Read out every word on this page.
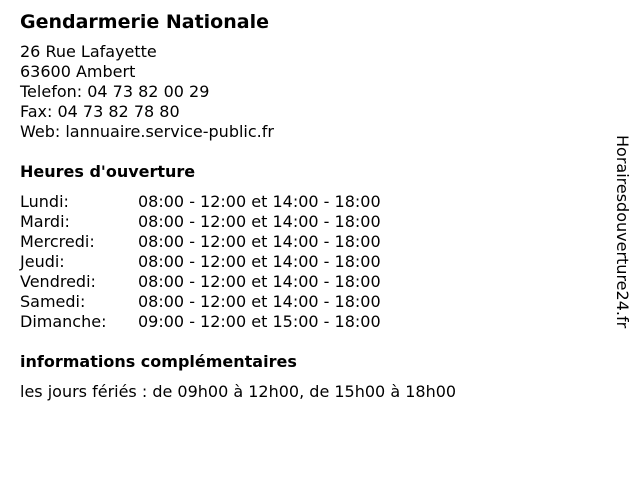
Gendarmerie Nationale
26 Rue Lafayette
63600 Ambert
Telefon: 04 73 82 00 29
Fax: 04 73 82 78 80
Web: lannuaire.service-public.fr
Heures d'ouverture
Lundi:	08:00 - 12:00 et 14:00 - 18:00
Mardi:	08:00 - 12:00 et 14:00 - 18:00
Mercredi:	08:00 - 12:00 et 14:00 - 18:00
Jeudi:	08:00 - 12:00 et 14:00 - 18:00
Vendredi:	08:00 - 12:00 et 14:00 - 18:00
Samedi:	08:00 - 12:00 et 14:00 - 18:00
Dimanche:	09:00 - 12:00 et 15:00 - 18:00
informations complémentaires
les jours fériés : de 09h00 à 12h00, de 15h00 à 18h00
Horairesdouverture24.fr
